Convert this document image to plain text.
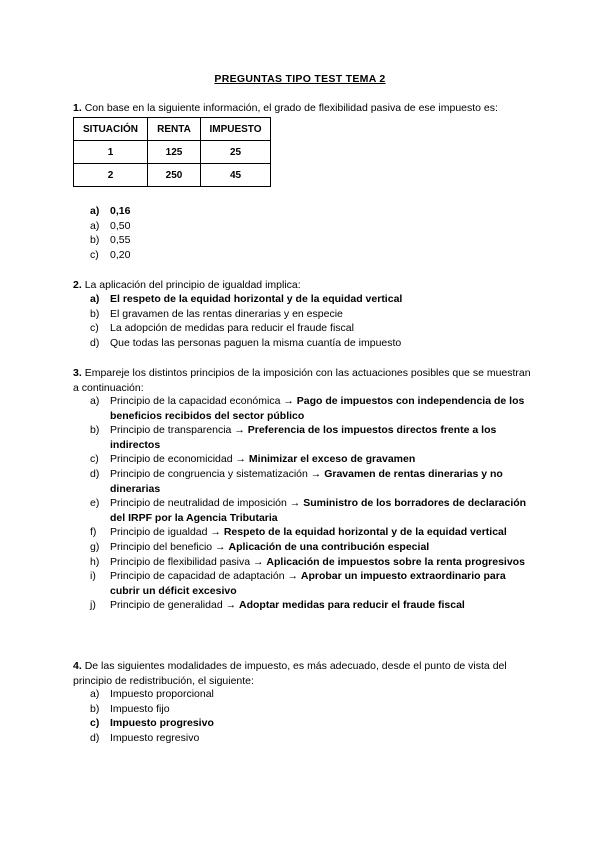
PREGUNTAS TIPO TEST TEMA 2
1. Con base en la siguiente información, el grado de flexibilidad pasiva de ese impuesto es:
SITUACIÓN	RENTA	IMPUESTO
1	125	25
2	250	45
a) 0,16
a) 0,50
b) 0,55
c) 0,20
2. La aplicación del principio de igualdad implica:
a) El respeto de la equidad horizontal y de la equidad vertical
b) El gravamen de las rentas dinerarias y en especie
c) La adopción de medidas para reducir el fraude fiscal
d) Que todas las personas paguen la misma cuantía de impuesto
3. Empareje los distintos principios de la imposición con las actuaciones posibles que se muestran a continuación:
a) Principio de la capacidad económica → Pago de impuestos con independencia de los beneficios recibidos del sector público
b) Principio de transparencia → Preferencia de los impuestos directos frente a los indirectos
c) Principio de economicidad → Minimizar el exceso de gravamen
d) Principio de congruencia y sistematización → Gravamen de rentas dinerarias y no dinerarias
e) Principio de neutralidad de imposición → Suministro de los borradores de declaración del IRPF por la Agencia Tributaria
f) Principio de igualdad → Respeto de la equidad horizontal y de la equidad vertical
g) Principio del beneficio → Aplicación de una contribución especial
h) Principio de flexibilidad pasiva → Aplicación de impuestos sobre la renta progresivos
i) Principio de capacidad de adaptación → Aprobar un impuesto extraordinario para cubrir un déficit excesivo
j) Principio de generalidad → Adoptar medidas para reducir el fraude fiscal
4. De las siguientes modalidades de impuesto, es más adecuado, desde el punto de vista del principio de redistribución, el siguiente:
a) Impuesto proporcional
b) Impuesto fijo
c) Impuesto progresivo
d) Impuesto regresivo
